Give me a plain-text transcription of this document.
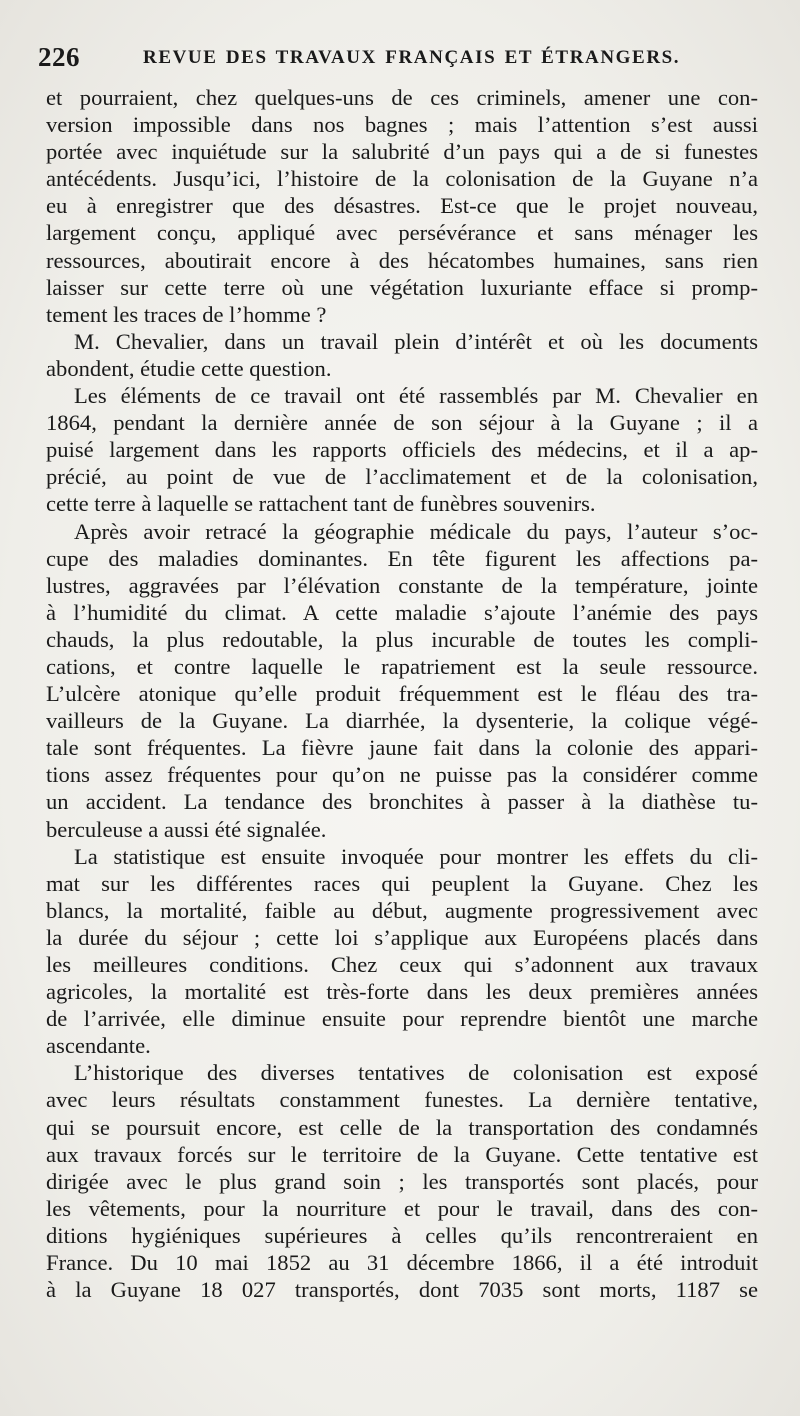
226	REVUE DES TRAVAUX FRANÇAIS ET ÉTRANGERS.
et pourraient, chez quelques-uns de ces criminels, amener une con-
version impossible dans nos bagnes ; mais l’attention s’est aussi
portée avec inquiétude sur la salubrité d’un pays qui a de si funestes
antécédents. Jusqu’ici, l’histoire de la colonisation de la Guyane n’a
eu à enregistrer que des désastres. Est-ce que le projet nouveau,
largement conçu, appliqué avec persévérance et sans ménager les
ressources, aboutirait encore à des hécatombes humaines, sans rien
laisser sur cette terre où une végétation luxuriante efface si promp-
tement les traces de l’homme ?
M. Chevalier, dans un travail plein d’intérêt et où les documents
abondent, étudie cette question.
Les éléments de ce travail ont été rassemblés par M. Chevalier en
1864, pendant la dernière année de son séjour à la Guyane ; il a
puisé largement dans les rapports officiels des médecins, et il a ap-
précié, au point de vue de l’acclimatement et de la colonisation,
cette terre à laquelle se rattachent tant de funèbres souvenirs.
Après avoir retracé la géographie médicale du pays, l’auteur s’oc-
cupe des maladies dominantes. En tête figurent les affections pa-
lustres, aggravées par l’élévation constante de la température, jointe
à l’humidité du climat. A cette maladie s’ajoute l’anémie des pays
chauds, la plus redoutable, la plus incurable de toutes les compli-
cations, et contre laquelle le rapatriement est la seule ressource.
L’ulcère atonique qu’elle produit fréquemment est le fléau des tra-
vailleurs de la Guyane. La diarrhée, la dysenterie, la colique végé-
tale sont fréquentes. La fièvre jaune fait dans la colonie des appari-
tions assez fréquentes pour qu’on ne puisse pas la considérer comme
un accident. La tendance des bronchites à passer à la diathèse tu-
berculeuse a aussi été signalée.
La statistique est ensuite invoquée pour montrer les effets du cli-
mat sur les différentes races qui peuplent la Guyane. Chez les
blancs, la mortalité, faible au début, augmente progressivement avec
la durée du séjour ; cette loi s’applique aux Européens placés dans
les meilleures conditions. Chez ceux qui s’adonnent aux travaux
agricoles, la mortalité est très-forte dans les deux premières années
de l’arrivée, elle diminue ensuite pour reprendre bientôt une marche
ascendante.
L’historique des diverses tentatives de colonisation est exposé
avec leurs résultats constamment funestes. La dernière tentative,
qui se poursuit encore, est celle de la transportation des condamnés
aux travaux forcés sur le territoire de la Guyane. Cette tentative est
dirigée avec le plus grand soin ; les transportés sont placés, pour
les vêtements, pour la nourriture et pour le travail, dans des con-
ditions hygiéniques supérieures à celles qu’ils rencontreraient en
France. Du 10 mai 1852 au 31 décembre 1866, il a été introduit
à la Guyane 18 027 transportés, dont 7035 sont morts, 1187 se
